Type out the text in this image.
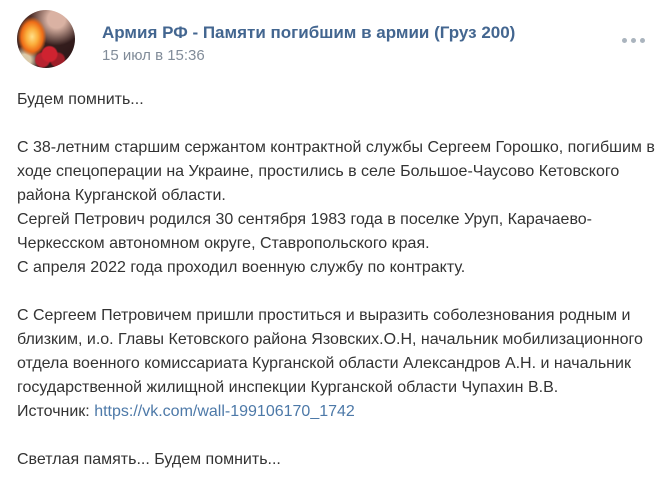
Армия РФ - Памяти погибшим в армии (Груз 200)
15 июл в 15:36

Будем помнить...

С 38-летним старшим сержантом контрактной службы Сергеем Горошко, погибшим в ходе спецоперации на Украине, простились в селе Большое-Чаусово Кетовского района Курганской области.
Сергей Петрович родился 30 сентября 1983 года в поселке Уруп, Карачаево-Черкесском автономном округе, Ставропольского края.
С апреля 2022 года проходил военную службу по контракту.

С Сергеем Петровичем пришли проститься и выразить соболезнования родным и близким, и.о. Главы Кетовского района Язовских.О.Н, начальник мобилизационного отдела военного комиссариата Курганской области Александров А.Н. и начальник государственной жилищной инспекции Курганской области Чупахин В.В.
Источник: https://vk.com/wall-199106170_1742

Светлая память... Будем помнить...
